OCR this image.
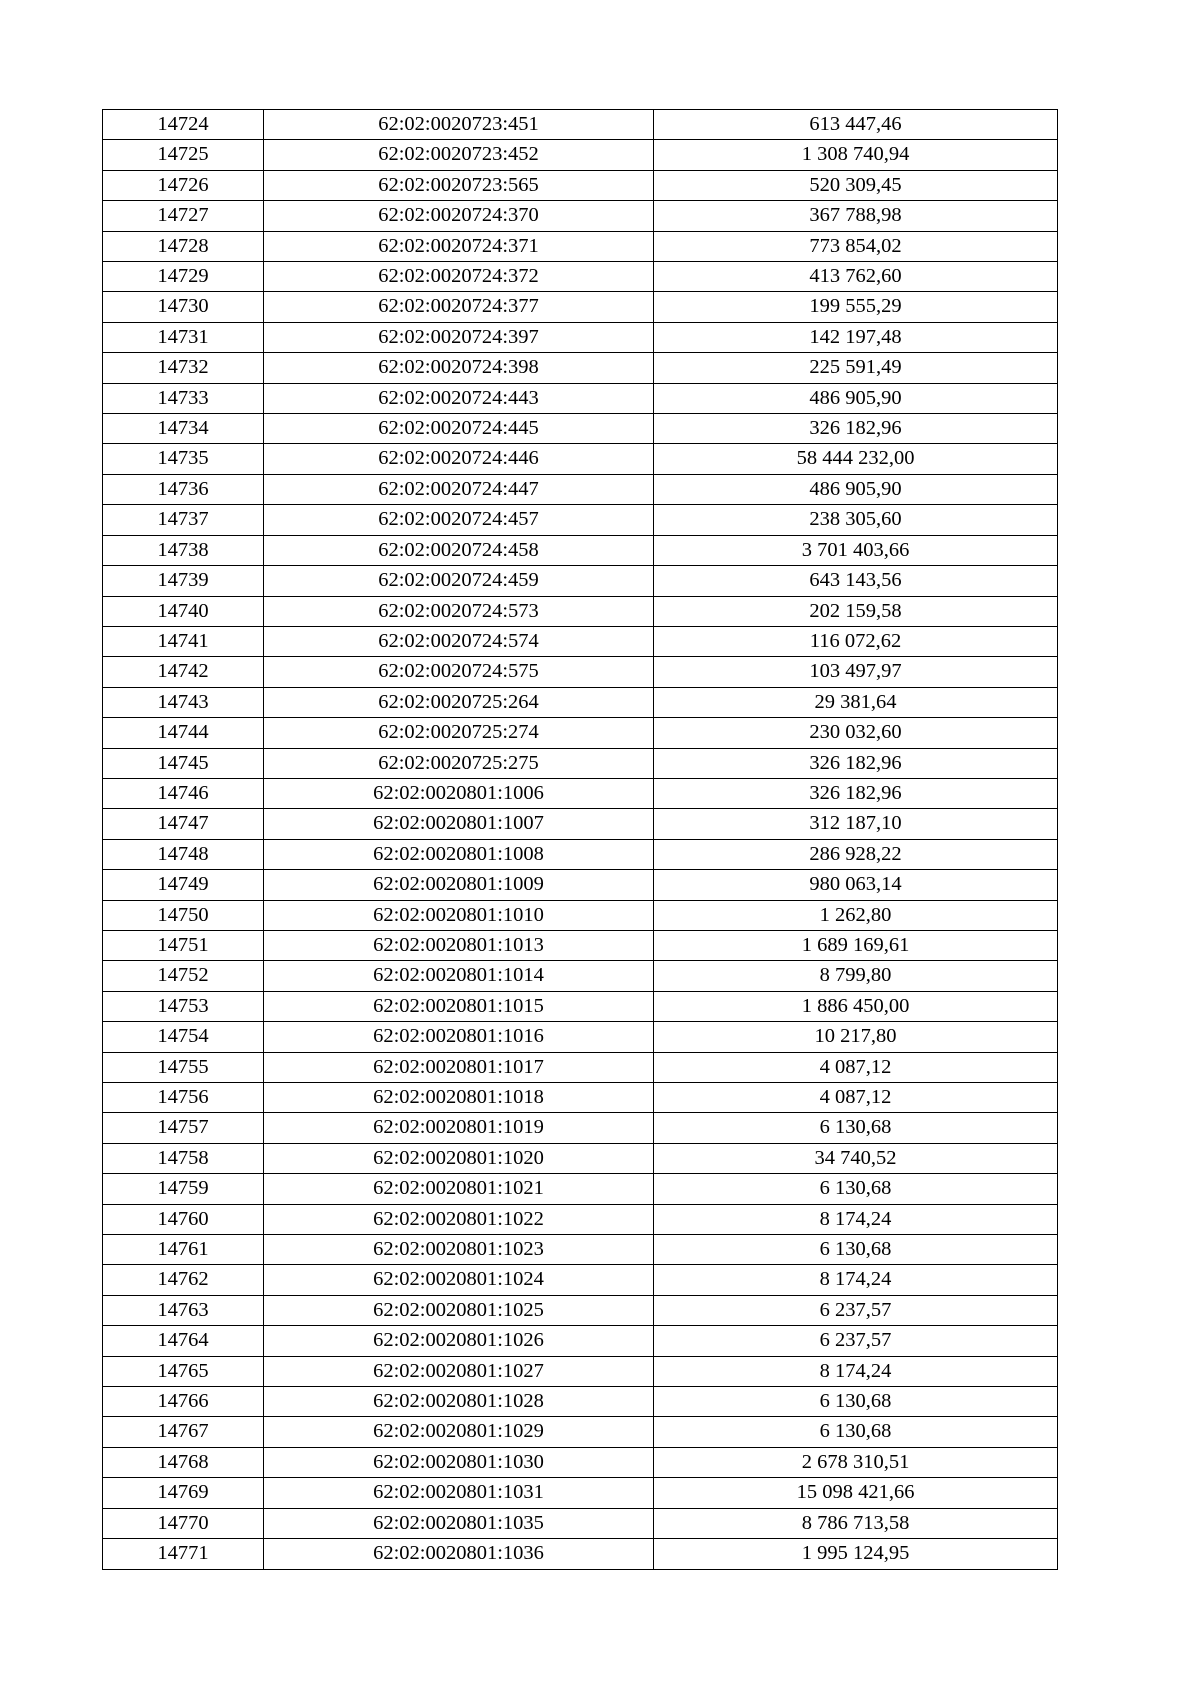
14724	62:02:0020723:451	613 447,46
14725	62:02:0020723:452	1 308 740,94
14726	62:02:0020723:565	520 309,45
14727	62:02:0020724:370	367 788,98
14728	62:02:0020724:371	773 854,02
14729	62:02:0020724:372	413 762,60
14730	62:02:0020724:377	199 555,29
14731	62:02:0020724:397	142 197,48
14732	62:02:0020724:398	225 591,49
14733	62:02:0020724:443	486 905,90
14734	62:02:0020724:445	326 182,96
14735	62:02:0020724:446	58 444 232,00
14736	62:02:0020724:447	486 905,90
14737	62:02:0020724:457	238 305,60
14738	62:02:0020724:458	3 701 403,66
14739	62:02:0020724:459	643 143,56
14740	62:02:0020724:573	202 159,58
14741	62:02:0020724:574	116 072,62
14742	62:02:0020724:575	103 497,97
14743	62:02:0020725:264	29 381,64
14744	62:02:0020725:274	230 032,60
14745	62:02:0020725:275	326 182,96
14746	62:02:0020801:1006	326 182,96
14747	62:02:0020801:1007	312 187,10
14748	62:02:0020801:1008	286 928,22
14749	62:02:0020801:1009	980 063,14
14750	62:02:0020801:1010	1 262,80
14751	62:02:0020801:1013	1 689 169,61
14752	62:02:0020801:1014	8 799,80
14753	62:02:0020801:1015	1 886 450,00
14754	62:02:0020801:1016	10 217,80
14755	62:02:0020801:1017	4 087,12
14756	62:02:0020801:1018	4 087,12
14757	62:02:0020801:1019	6 130,68
14758	62:02:0020801:1020	34 740,52
14759	62:02:0020801:1021	6 130,68
14760	62:02:0020801:1022	8 174,24
14761	62:02:0020801:1023	6 130,68
14762	62:02:0020801:1024	8 174,24
14763	62:02:0020801:1025	6 237,57
14764	62:02:0020801:1026	6 237,57
14765	62:02:0020801:1027	8 174,24
14766	62:02:0020801:1028	6 130,68
14767	62:02:0020801:1029	6 130,68
14768	62:02:0020801:1030	2 678 310,51
14769	62:02:0020801:1031	15 098 421,66
14770	62:02:0020801:1035	8 786 713,58
14771	62:02:0020801:1036	1 995 124,95
